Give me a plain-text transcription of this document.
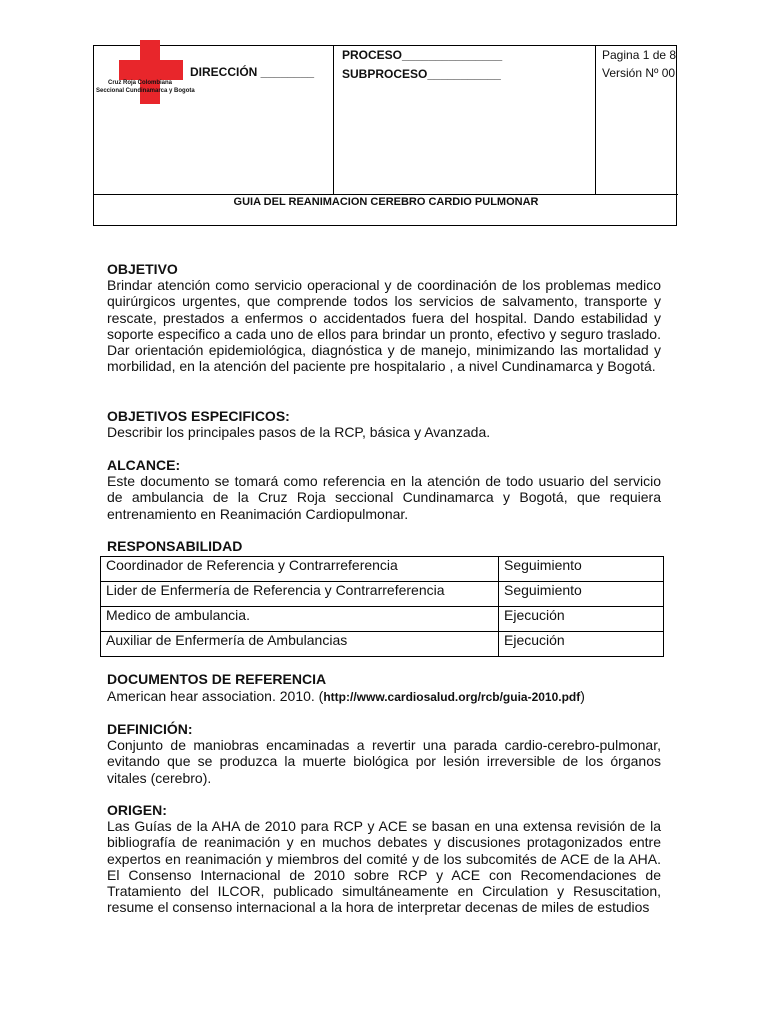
Cruz Roja Colombiana
Seccional Cundinamarca y Bogota
DIRECCIÓN ________
PROCESO_______________
SUBPROCESO___________
Pagina 1 de 8
Versión Nº 00
GUIA DEL REANIMACION CEREBRO CARDIO PULMONAR
OBJETIVO

Brindar atención como servicio operacional y de coordinación de los problemas medico quirúrgicos urgentes, que comprende todos los servicios de salvamento, transporte y rescate, prestados a enfermos o accidentados fuera del hospital. Dando estabilidad y soporte especifico a cada uno de ellos para brindar un pronto, efectivo y seguro traslado. Dar orientación epidemiológica, diagnóstica y de manejo, minimizando las mortalidad y morbilidad, en la atención del paciente pre hospitalario , a nivel Cundinamarca y Bogotá.

OBJETIVOS ESPECIFICOS:
Describir los principales pasos de la RCP, básica y Avanzada.
ALCANCE:

Este documento se tomará como referencia en la atención de todo usuario del servicio de ambulancia de la Cruz Roja seccional Cundinamarca y Bogotá, que requiera entrenamiento en Reanimación Cardiopulmonar.

RESPONSABILIDAD
Coordinador de Referencia y Contrarreferencia	Seguimiento
Lider de Enfermería de Referencia y Contrarreferencia	Seguimiento
Medico de ambulancia.	Ejecución
Auxiliar de Enfermería de Ambulancias	Ejecución
DOCUMENTOS DE REFERENCIA
American hear association. 2010. (http://www.cardiosalud.org/rcb/guia-2010.pdf)
DEFINICIÓN:

Conjunto de maniobras encaminadas a revertir una parada cardio-cerebro-pulmonar, evitando que se produzca la muerte biológica por lesión irreversible de los órganos vitales (cerebro).

ORIGEN:

Las Guías de la AHA de 2010 para RCP y ACE se basan en una extensa revisión de la bibliografía de reanimación y en muchos debates y discusiones protagonizados entre expertos en reanimación y miembros del comité y de los subcomités de ACE de la AHA. El Consenso Internacional de 2010 sobre RCP y ACE con Recomendaciones de Tratamiento del ILCOR, publicado simultáneamente en Circulation y Resuscitation, resume el consenso internacional a la hora de interpretar decenas de miles de estudios
